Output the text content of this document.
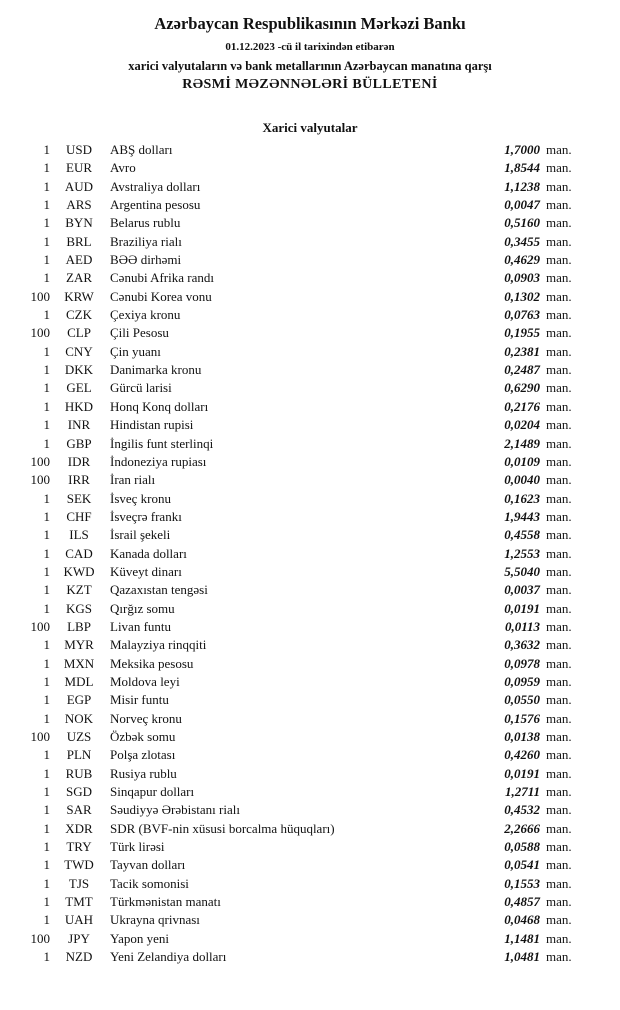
Azərbaycan Respublikasının Mərkəzi Bankı
01.12.2023 -cü il tarixindən etibarən
xarici valyutaların və bank metallarının Azərbaycan manatına qarşı
RƏSMİ MƏZƏNNƏLƏRİ BÜLLETENİ
Xarici valyutalar
1	USD	ABŞ dolları	1,7000 man.
1	EUR	Avro	1,8544 man.
1	AUD	Avstraliya dolları	1,1238 man.
1	ARS	Argentina pesosu	0,0047 man.
1	BYN	Belarus rublu	0,5160 man.
1	BRL	Braziliya rialı	0,3455 man.
1	AED	BƏƏ dirhəmi	0,4629 man.
1	ZAR	Cənubi Afrika randı	0,0903 man.
100	KRW	Cənubi Korea vonu	0,1302 man.
1	CZK	Çexiya kronu	0,0763 man.
100	CLP	Çili Pesosu	0,1955 man.
1	CNY	Çin yuanı	0,2381 man.
1	DKK	Danimarka kronu	0,2487 man.
1	GEL	Gürcü larisi	0,6290 man.
1	HKD	Honq Konq dolları	0,2176 man.
1	INR	Hindistan rupisi	0,0204 man.
1	GBP	İngilis funt sterlinqi	2,1489 man.
100	IDR	İndoneziya rupiası	0,0109 man.
100	IRR	İran rialı	0,0040 man.
1	SEK	İsveç kronu	0,1623 man.
1	CHF	İsveçrə frankı	1,9443 man.
1	ILS	İsrail şekeli	0,4558 man.
1	CAD	Kanada dolları	1,2553 man.
1	KWD	Küveyt dinarı	5,5040 man.
1	KZT	Qazaxıstan tengəsi	0,0037 man.
1	KGS	Qırğız somu	0,0191 man.
100	LBP	Livan funtu	0,0113 man.
1	MYR	Malayziya rinqqiti	0,3632 man.
1	MXN	Meksika pesosu	0,0978 man.
1	MDL	Moldova leyi	0,0959 man.
1	EGP	Misir funtu	0,0550 man.
1	NOK	Norveç kronu	0,1576 man.
100	UZS	Özbək somu	0,0138 man.
1	PLN	Polşa zlotası	0,4260 man.
1	RUB	Rusiya rublu	0,0191 man.
1	SGD	Sinqapur dolları	1,2711 man.
1	SAR	Səudiyyə Ərəbistanı rialı	0,4532 man.
1	XDR	SDR (BVF-nin xüsusi borcalma hüquqları)	2,2666 man.
1	TRY	Türk lirəsi	0,0588 man.
1	TWD	Tayvan dolları	0,0541 man.
1	TJS	Tacik somonisi	0,1553 man.
1	TMT	Türkmənistan manatı	0,4857 man.
1	UAH	Ukrayna qrivnası	0,0468 man.
100	JPY	Yapon yeni	1,1481 man.
1	NZD	Yeni Zelandiya dolları	1,0481 man.
